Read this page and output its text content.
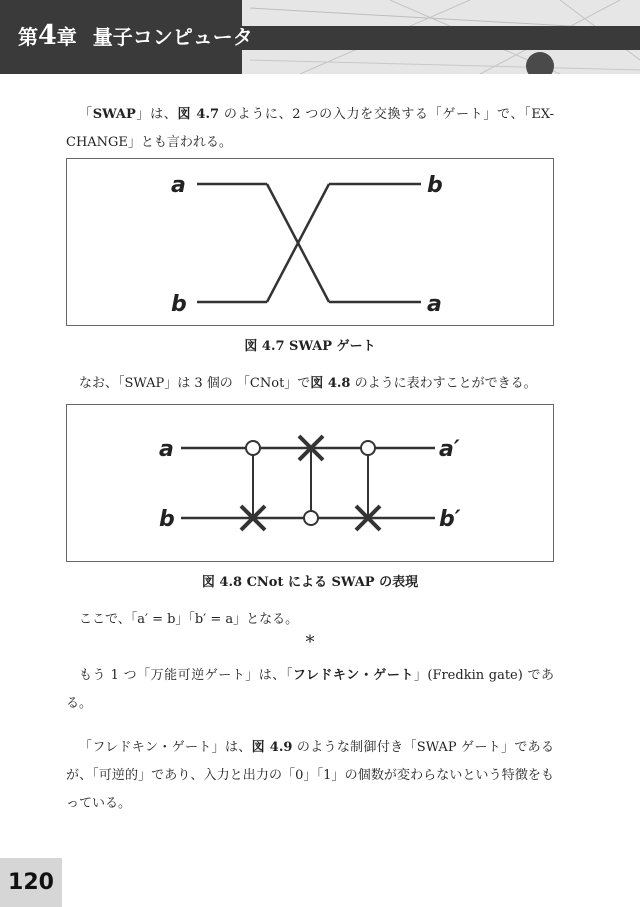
第4章 量子コンピュータ

「SWAP」は、図 4.7 のように、2 つの入力を交換する「ゲート」で、「EX-CHANGE」とも言われる。

a
b
b
a
図 4.7 SWAP ゲート

なお、「SWAP」は 3 個の 「CNot」で図 4.8 のように表わすことができる。

a
b
a′
b′
図 4.8 CNot による SWAP の表現

ここで、「a′ = b」「b′ = a」となる。

*

もう 1 つ「万能可逆ゲート」は、「フレドキン・ゲート」(Fredkin gate) である。

「フレドキン・ゲート」は、図 4.9 のような制御付き「SWAP ゲート」であるが、「可逆的」であり、入力と出力の「0」「1」の個数が変わらないという特徴をもっている。

120
